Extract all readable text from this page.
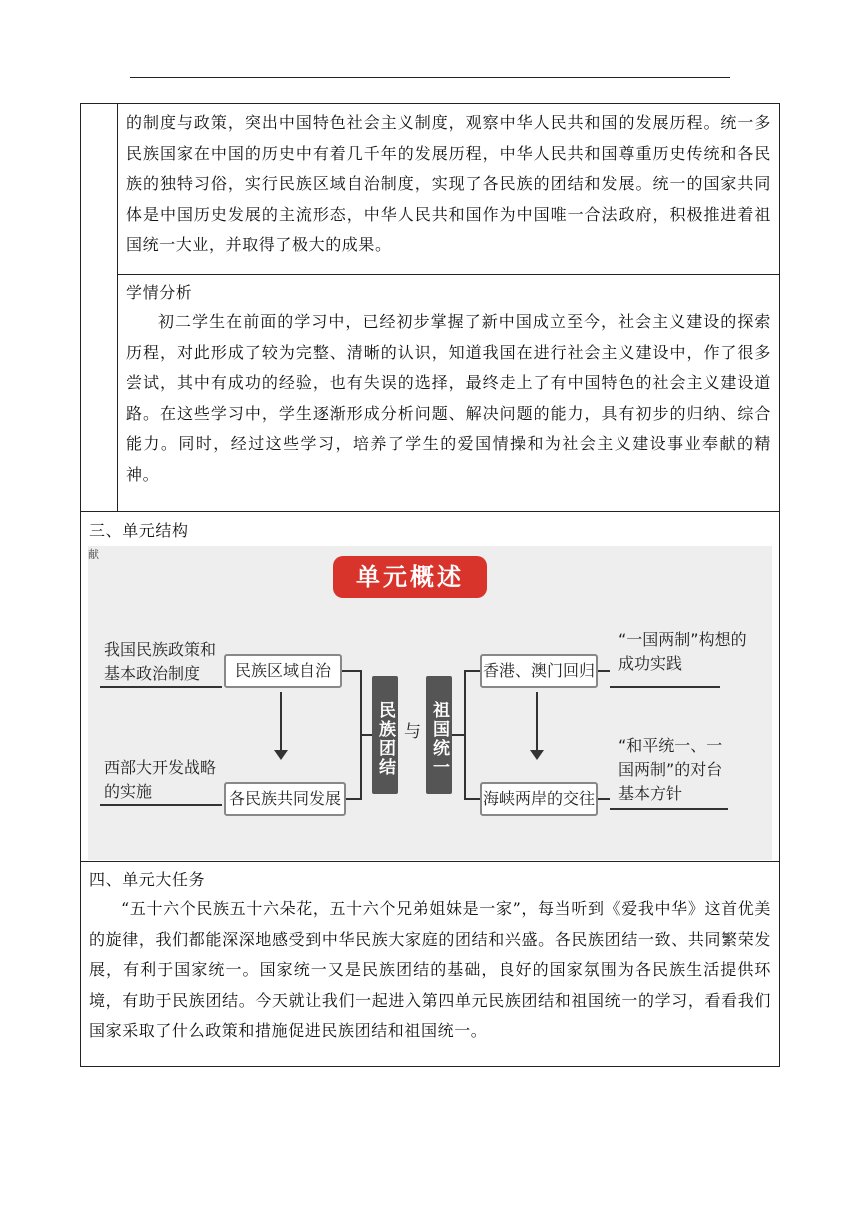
的制度与政策，突出中国特色社会主义制度，观察中华人民共和国的发展历程。统一多民族国家在中国的历史中有着几千年的发展历程，中华人民共和国尊重历史传统和各民族的独特习俗，实行民族区域自治制度，实现了各民族的团结和发展。统一的国家共同体是中国历史发展的主流形态，中华人民共和国作为中国唯一合法政府，积极推进着祖国统一大业，并取得了极大的成果。

学情分析

初二学生在前面的学习中，已经初步掌握了新中国成立至今，社会主义建设的探索历程，对此形成了较为完整、清晰的认识，知道我国在进行社会主义建设中，作了很多尝试，其中有成功的经验，也有失误的选择，最终走上了有中国特色的社会主义建设道路。在这些学习中，学生逐渐形成分析问题、解决问题的能力，具有初步的归纳、综合能力。同时，经过这些学习，培养了学生的爱国情操和为社会主义建设事业奉献的精神。

三、单元结构

四、单元大任务

“五十六个民族五十六朵花，五十六个兄弟姐妹是一家”，每当听到《爱我中华》这首优美的旋律，我们都能深深地感受到中华民族大家庭的团结和兴盛。各民族团结一致、共同繁荣发展，有利于国家统一。国家统一又是民族团结的基础，良好的国家氛围为各民族生活提供环境，有助于民族团结。今天就让我们一起进入第四单元民族团结和祖国统一的学习，看看我们国家采取了什么政策和措施促进民族团结和祖国统一。

献
单元概述
我国民族政策和
基本政治制度
西部大开发战略
的实施
民族区域自治
各民族共同发展
民族团结 与 祖国统一
香港、澳门回归
海峡两岸的交往
“一国两制”构想的
成功实践
“和平统一、一
国两制”的对台
基本方针
